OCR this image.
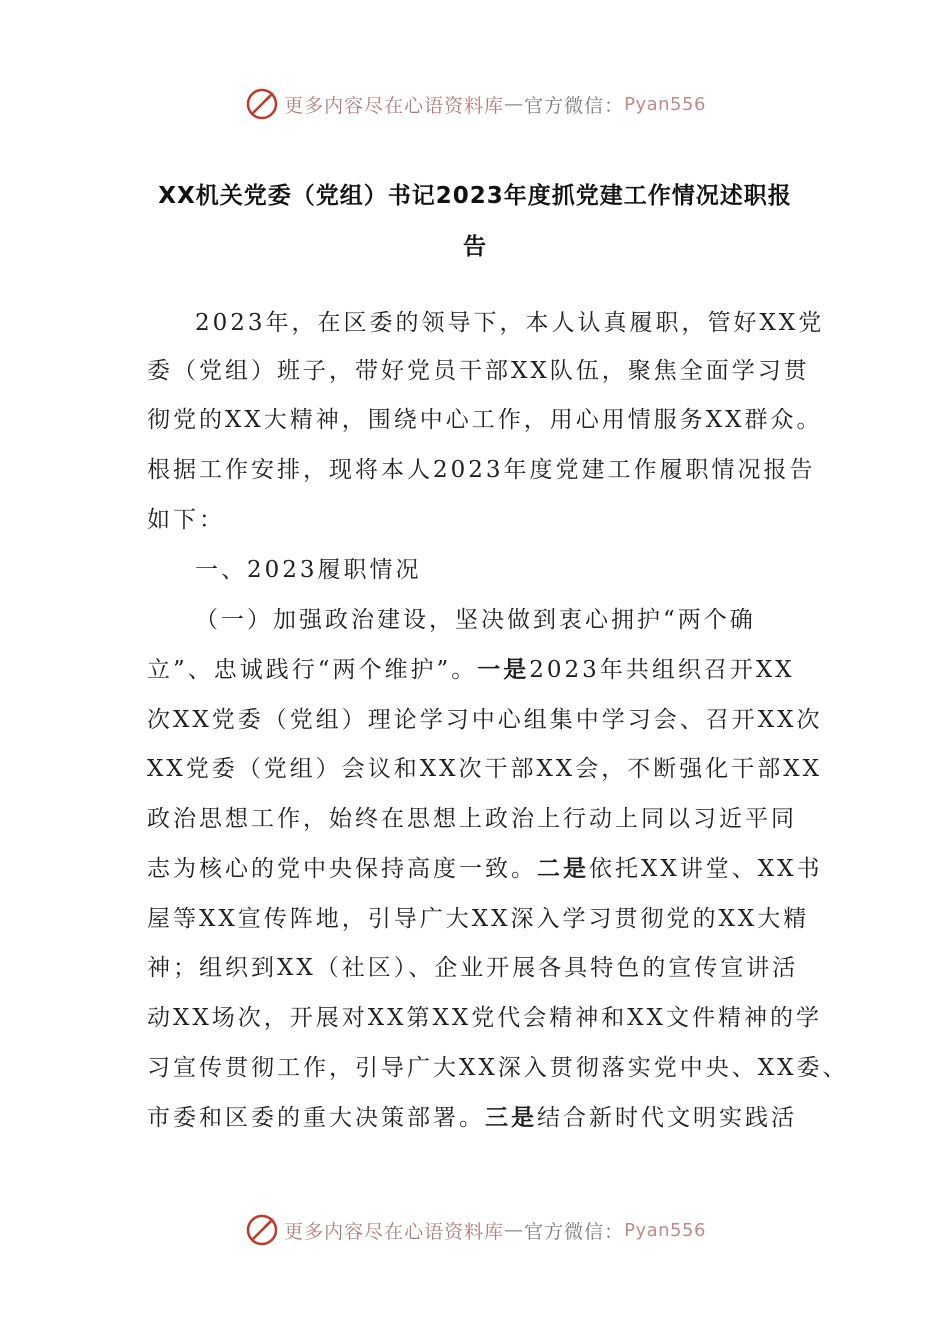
更多内容尽在心语资料库 — 官方微信： Pyan556
XX机关党委（党组）书记2023年度抓党建工作情况述职报
告
2023年，在区委的领导下，本人认真履职，管好XX党
委（党组）班子，带好党员干部XX队伍，聚焦全面学习贯
彻党的XX大精神，围绕中心工作，用心用情服务XX群众。
根据工作安排，现将本人2023年度党建工作履职情况报告
如下：
一、2023履职情况
（一）加强政治建设，坚决做到衷心拥护“两个确
立”、忠诚践行“两个维护”。一是2023年共组织召开XX
次XX党委（党组）理论学习中心组集中学习会、召开XX次
XX党委（党组）会议和XX次干部XX会，不断强化干部XX
政治思想工作，始终在思想上政治上行动上同以习近平同
志为核心的党中央保持高度一致。二是依托XX讲堂、XX书
屋等XX宣传阵地，引导广大XX深入学习贯彻党的XX大精
神；组织到XX（社区）、企业开展各具特色的宣传宣讲活
动XX场次，开展对XX第XX党代会精神和XX文件精神的学
习宣传贯彻工作，引导广大XX深入贯彻落实党中央、XX委、
市委和区委的重大决策部署。三是结合新时代文明实践活
更多内容尽在心语资料库 — 官方微信： Pyan556
